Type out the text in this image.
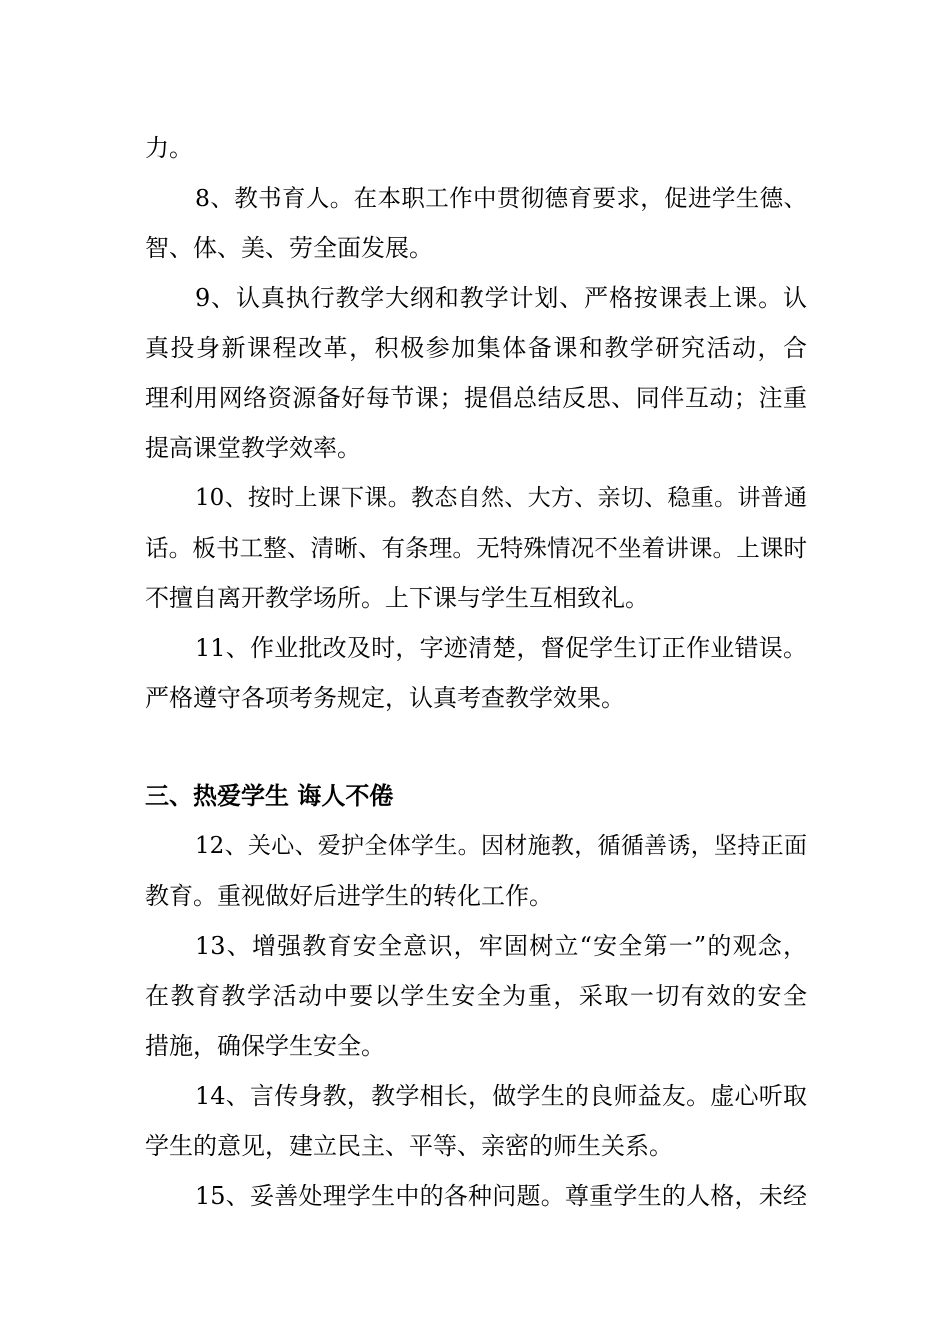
力。
8、教书育人。在本职工作中贯彻德育要求，促进学生德、
智、体、美、劳全面发展。
9、认真执行教学大纲和教学计划、严格按课表上课。认
真投身新课程改革，积极参加集体备课和教学研究活动，合
理利用网络资源备好每节课；提倡总结反思、同伴互动；注重
提高课堂教学效率。
10、按时上课下课。教态自然、大方、亲切、稳重。讲普通
话。板书工整、清晰、有条理。无特殊情况不坐着讲课。上课时
不擅自离开教学场所。上下课与学生互相致礼。
11、作业批改及时，字迹清楚，督促学生订正作业错误。
严格遵守各项考务规定，认真考查教学效果。
三、热爱学生 诲人不倦
12、关心、爱护全体学生。因材施教，循循善诱，坚持正面
教育。重视做好后进学生的转化工作。
13、增强教育安全意识，牢固树立“安全第一”的观念，
在教育教学活动中要以学生安全为重，采取一切有效的安全
措施，确保学生安全。
14、言传身教，教学相长，做学生的良师益友。虚心听取
学生的意见，建立民主、平等、亲密的师生关系。
15、妥善处理学生中的各种问题。尊重学生的人格，未经
